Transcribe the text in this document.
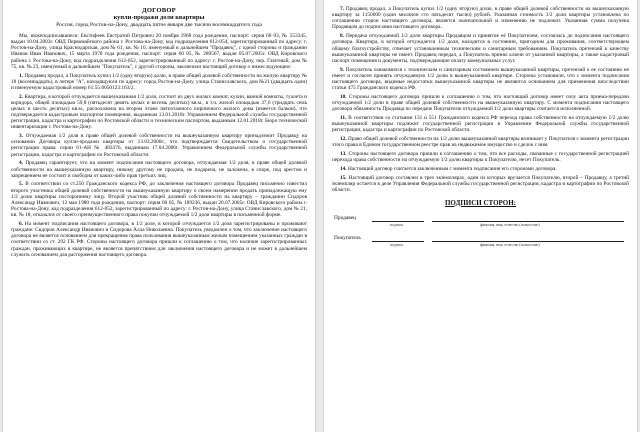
ДОГОВОР
купли-продажи доли квартиры
Россия, город Ростов-на-Дону, двадцать пятое января две тысячи восемнадцатого года

Мы, нижеподписавшиеся: Евстифеев Евстратий Петрович 20 ноября 1968 года рождения, паспорт: серия 60 03, № 553345, выдан 10.04.2003г. ОВД Первомайского района г. Ростова-на-Дону, код подразделения 612-054, зарегистрированный по адресу: г. Ростов-на-Дону, улица Краснодарская, дом № 61, кв. № 10, именуемый в дальнейшем "Продавец", с одной стороны и гражданин Иванов Иван Иванович, 15 марта 1978 года рождения, паспорт: серия 60 05, № 280567, выдан 05.07.2005г. ОВД Кировского района г. Ростова-на-Дону, код подразделения 612-052, зарегистрированный по адресу: г. Ростов-на-Дону, пер. Газетный, дом № 75, кв. № 23, именуемый в дальнейшем "Покупатель", с другой стороны, заключили настоящий договор о нижеследующем:

1. Продавец продал, а Покупатель купил 1/2 (одну вторую) долю, в праве общей долевой собственности на жилую квартиру № 18 (восемнадцать), в литере "А", находящуюся по адресу: город Ростов-на-Дону, улица Станиславского, дом №21 (двадцать один) и именуемую кадастровый номер 61:55:0050123:163/2.

2. Квартира, в которой отчуждается вышеуказанная 1/2 доля, состоит из двух жилых комнат, кухни, ванной комнаты, туалета и коридора, общей площадью 59,8 (пятьдесят девять целых и восемь десятых) кв.м., в т.ч. жилой площадью 37,6 (тридцать семь целых и шесть десятых) кв.м., расположена на втором этаже пятиэтажного кирпичного жилого дома (имеется балкон), что подтверждается кадастровым паспортом помещения, выданным 13.01.2018г. Управлением Федеральной службы государственной регистрации, кадастра и картографии по Ростовской области и техническим паспортом, выданным 12.01.2018г. Бюро технической инвентаризации г. Ростова-на-Дону.

3. Отчуждаемая 1/2 доля в праве общей долевой собственности на вышеуказанную квартиру принадлежит Продавцу на основании Договора купли-продажи квартиры от 13.03.2006г., что подтверждается Свидетельством о государственной регистрации права: серии 61-АН № 483376, выданным 17.04.2006г. Управлением Федеральной службы государственной регистрации, кадастра и картографии по Ростовской области.

4. Продавец гарантирует, что на момент подписания настоящего договора, отчуждаемая 1/2 доля, в праве общей долевой собственности на вышеуказанную квартиру, никому другому не продана, не подарена, не заложена, в споре, под арестом и запрещением не состоит и свободна от каких-либо прав третьих лиц.

5. В соответствии со ст.250 Гражданского кодекса РФ, до заключения настоящего договора Продавец письменно известил второго участника общей долевой собственности на вышеуказанную квартиру о своем намерении продать принадлежащую ему 1/2 долю квартиры постороннему лицу. Второй участник общей долевой собственности на квартиру – гражданин Сидоров Александр Иванович, 12 мая 1980 года рождения, паспорт: серия 60 05, № 189236, выдан 20.07.2005г. ОВД Кировского района г. Ростова-на-Дону, код подразделения 612-052, зарегистрированный по адресу: г. Ростов-на-Дону, улица Станиславского, дом № 21, кв. № 18, отказался от своего преимущественного права покупки отчуждаемой 1/2 доли квартиры в письменной форме.

6. На момент подписания настоящего договора, в 1/2 доле, в которой отчуждается 1/2 доля зарегистрированы и проживают граждане: Сидоров Александр Иванович и Сидорова Алла Николаевна. Покупатель уведомлен о том, что заключение настоящего договора не является основанием для прекращения права пользования вышеуказанным жилым помещением указанных граждан в соответствии со ст. 292 ГК РФ. Стороны настоящего договора пришли к соглашению о том, что наличие зарегистрированных граждан, проживающих в квартире, не является препятствием для заключения настоящего договора и не может в дальнейшем служить основанием для расторжения настоящего договора.

7. Продавец продал, а Покупатель купил 1/2 (одну вторую) долю, в праве общей долевой собственности на вышеуказанную квартиру за 1150000 (один миллион сто пятьдесят тысяч) рублей. Указанная стоимость 1/2 доли квартиры установлена по соглашению сторон настоящего договора, является окончательной и изменению не подлежит. Указанная сумма получена Продавцом до подписания настоящего договора.

8. Передача отчуждаемой 1/2 доли квартиры Продавцом и принятие её Покупателем, состоялась до подписания настоящего договора. Квартира, в которой отчуждается 1/2 доля, находится в состоянии, пригодном для проживания, соответствующем общему благоустройству, отвечает установленным техническим и санитарным требованиям. Покупатель претензий к качеству вышеуказанной квартиры не имеет. Продавец передал, а Покупатель принял ключи от указанной квартиры, а также кадастровый паспорт помещения и документы, подтверждающие оплату коммунальных услуг.

9. Покупатель ознакомился с техническим и санитарным состоянием вышеуказанной квартиры, претензий к ее состоянию не имеет и согласен принять отчуждаемую 1/2 долю в вышеуказанной квартире. Стороны установили, что с момента подписания настоящего договора, видимые недостатки вышеуказанной квартиры не являются основанием для применения впоследствии статьи 475 Гражданского кодекса РФ.

10. Стороны настоящего договора пришли к соглашению о том, что настоящий договор имеет силу акта приема-передачи отчуждаемой 1/2 доли в праве общей долевой собственности на вышеуказанную квартиру. С момента подписания настоящего договора обязанность Продавца по передаче Покупателю отчуждаемой 1/2 доли квартиры считается исполненной.

11. В соответствии со статьями 131 и 551 Гражданского кодекса РФ переход права собственности на отчуждаемую 1/2 долю вышеуказанной квартиры подлежит государственной регистрации в Управлении Федеральной службы государственной регистрации, кадастра и картографии по Ростовской области.

12. Право общей долевой собственности на 1/2 долю вышеуказанной квартиры возникает у Покупателя с момента регистрации этого права в Едином государственном реестре прав на недвижимое имущество и сделок с ним.

13. Стороны настоящего договора пришли к соглашению о том, что все расходы, связанные с государственной регистрацией перехода права собственности на отчуждаемую 1/2 долю квартиры к Покупателю, несет Покупатель.

14. Настоящий договор считается заключенным с момента подписания его сторонами договора.

15. Настоящий договор составлен в трех экземплярах, один из которых вручается Покупателю, второй – Продавцу, а третий экземпляр остается в деле Управления Федеральной службы государственной регистрации, кадастра и картографии по Ростовской области.

ПОДПИСИ СТОРОН:
Продавец
подпись	фамилия, имя, отчество (полностью)
Покупатель
подпись	фамилия, имя, отчество (полностью)
